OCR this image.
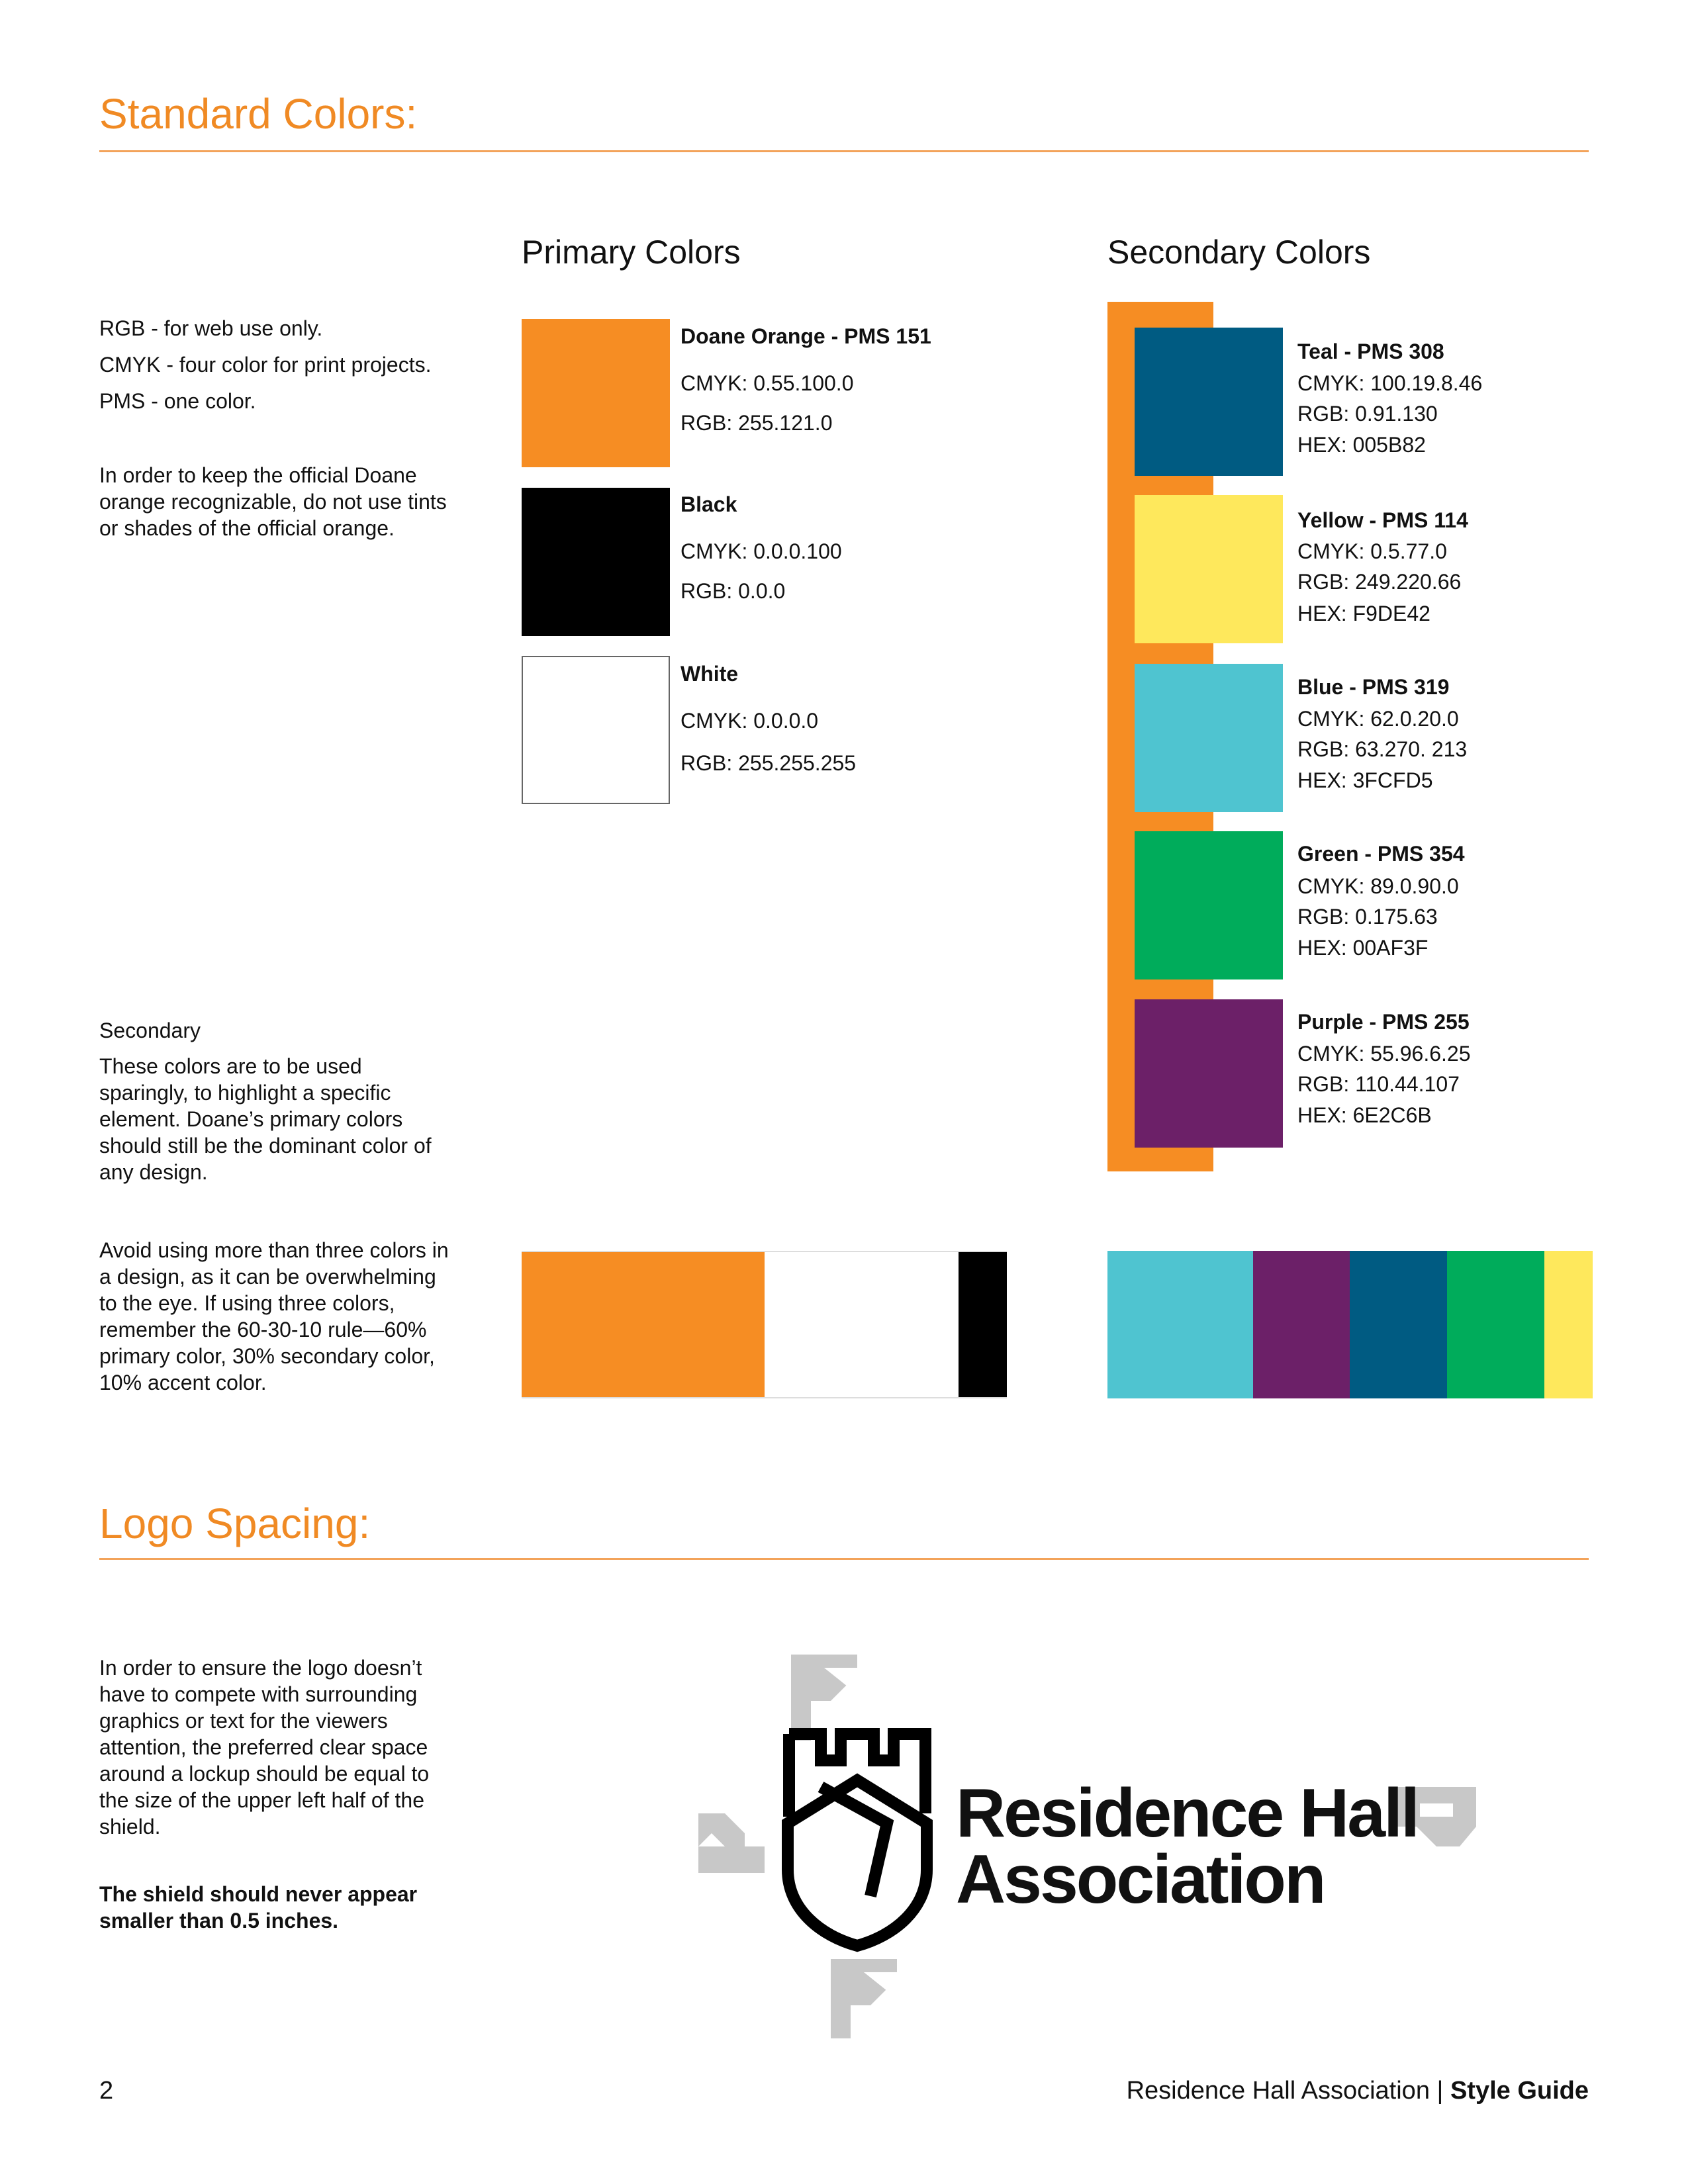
Standard Colors:
Primary Colors	Secondary Colors
RGB - for web use only.
CMYK - four color for print projects.
PMS - one color.
In order to keep the official Doane orange recognizable, do not use tints or shades of the official orange.
Secondary
These colors are to be used sparingly, to highlight a specific element. Doane’s primary colors should still be the dominant color of any design.
Avoid using more than three colors in a design, as it can be overwhelming to the eye. If using three colors, remember the 60-30-10 rule—60% primary color, 30% secondary color, 10% accent color.
Doane Orange - PMS 151
CMYK: 0.55.100.0
RGB: 255.121.0
Black
CMYK: 0.0.0.100
RGB: 0.0.0
White
CMYK: 0.0.0.0
RGB: 255.255.255
Teal - PMS 308
CMYK: 100.19.8.46
RGB: 0.91.130
HEX: 005B82
Yellow - PMS 114
CMYK: 0.5.77.0
RGB: 249.220.66
HEX: F9DE42
Blue - PMS 319
CMYK: 62.0.20.0
RGB: 63.270. 213
HEX: 3FCFD5
Green - PMS 354
CMYK: 89.0.90.0
RGB: 0.175.63
HEX: 00AF3F
Purple - PMS 255
CMYK: 55.96.6.25
RGB: 110.44.107
HEX: 6E2C6B
Logo Spacing:
In order to ensure the logo doesn’t have to compete with surrounding graphics or text for the viewers attention, the preferred clear space around a lockup should be equal to the size of the upper left half of the shield.
The shield should never appear smaller than 0.5 inches.
Residence Hall
Association
2	Residence Hall Association | Style Guide
